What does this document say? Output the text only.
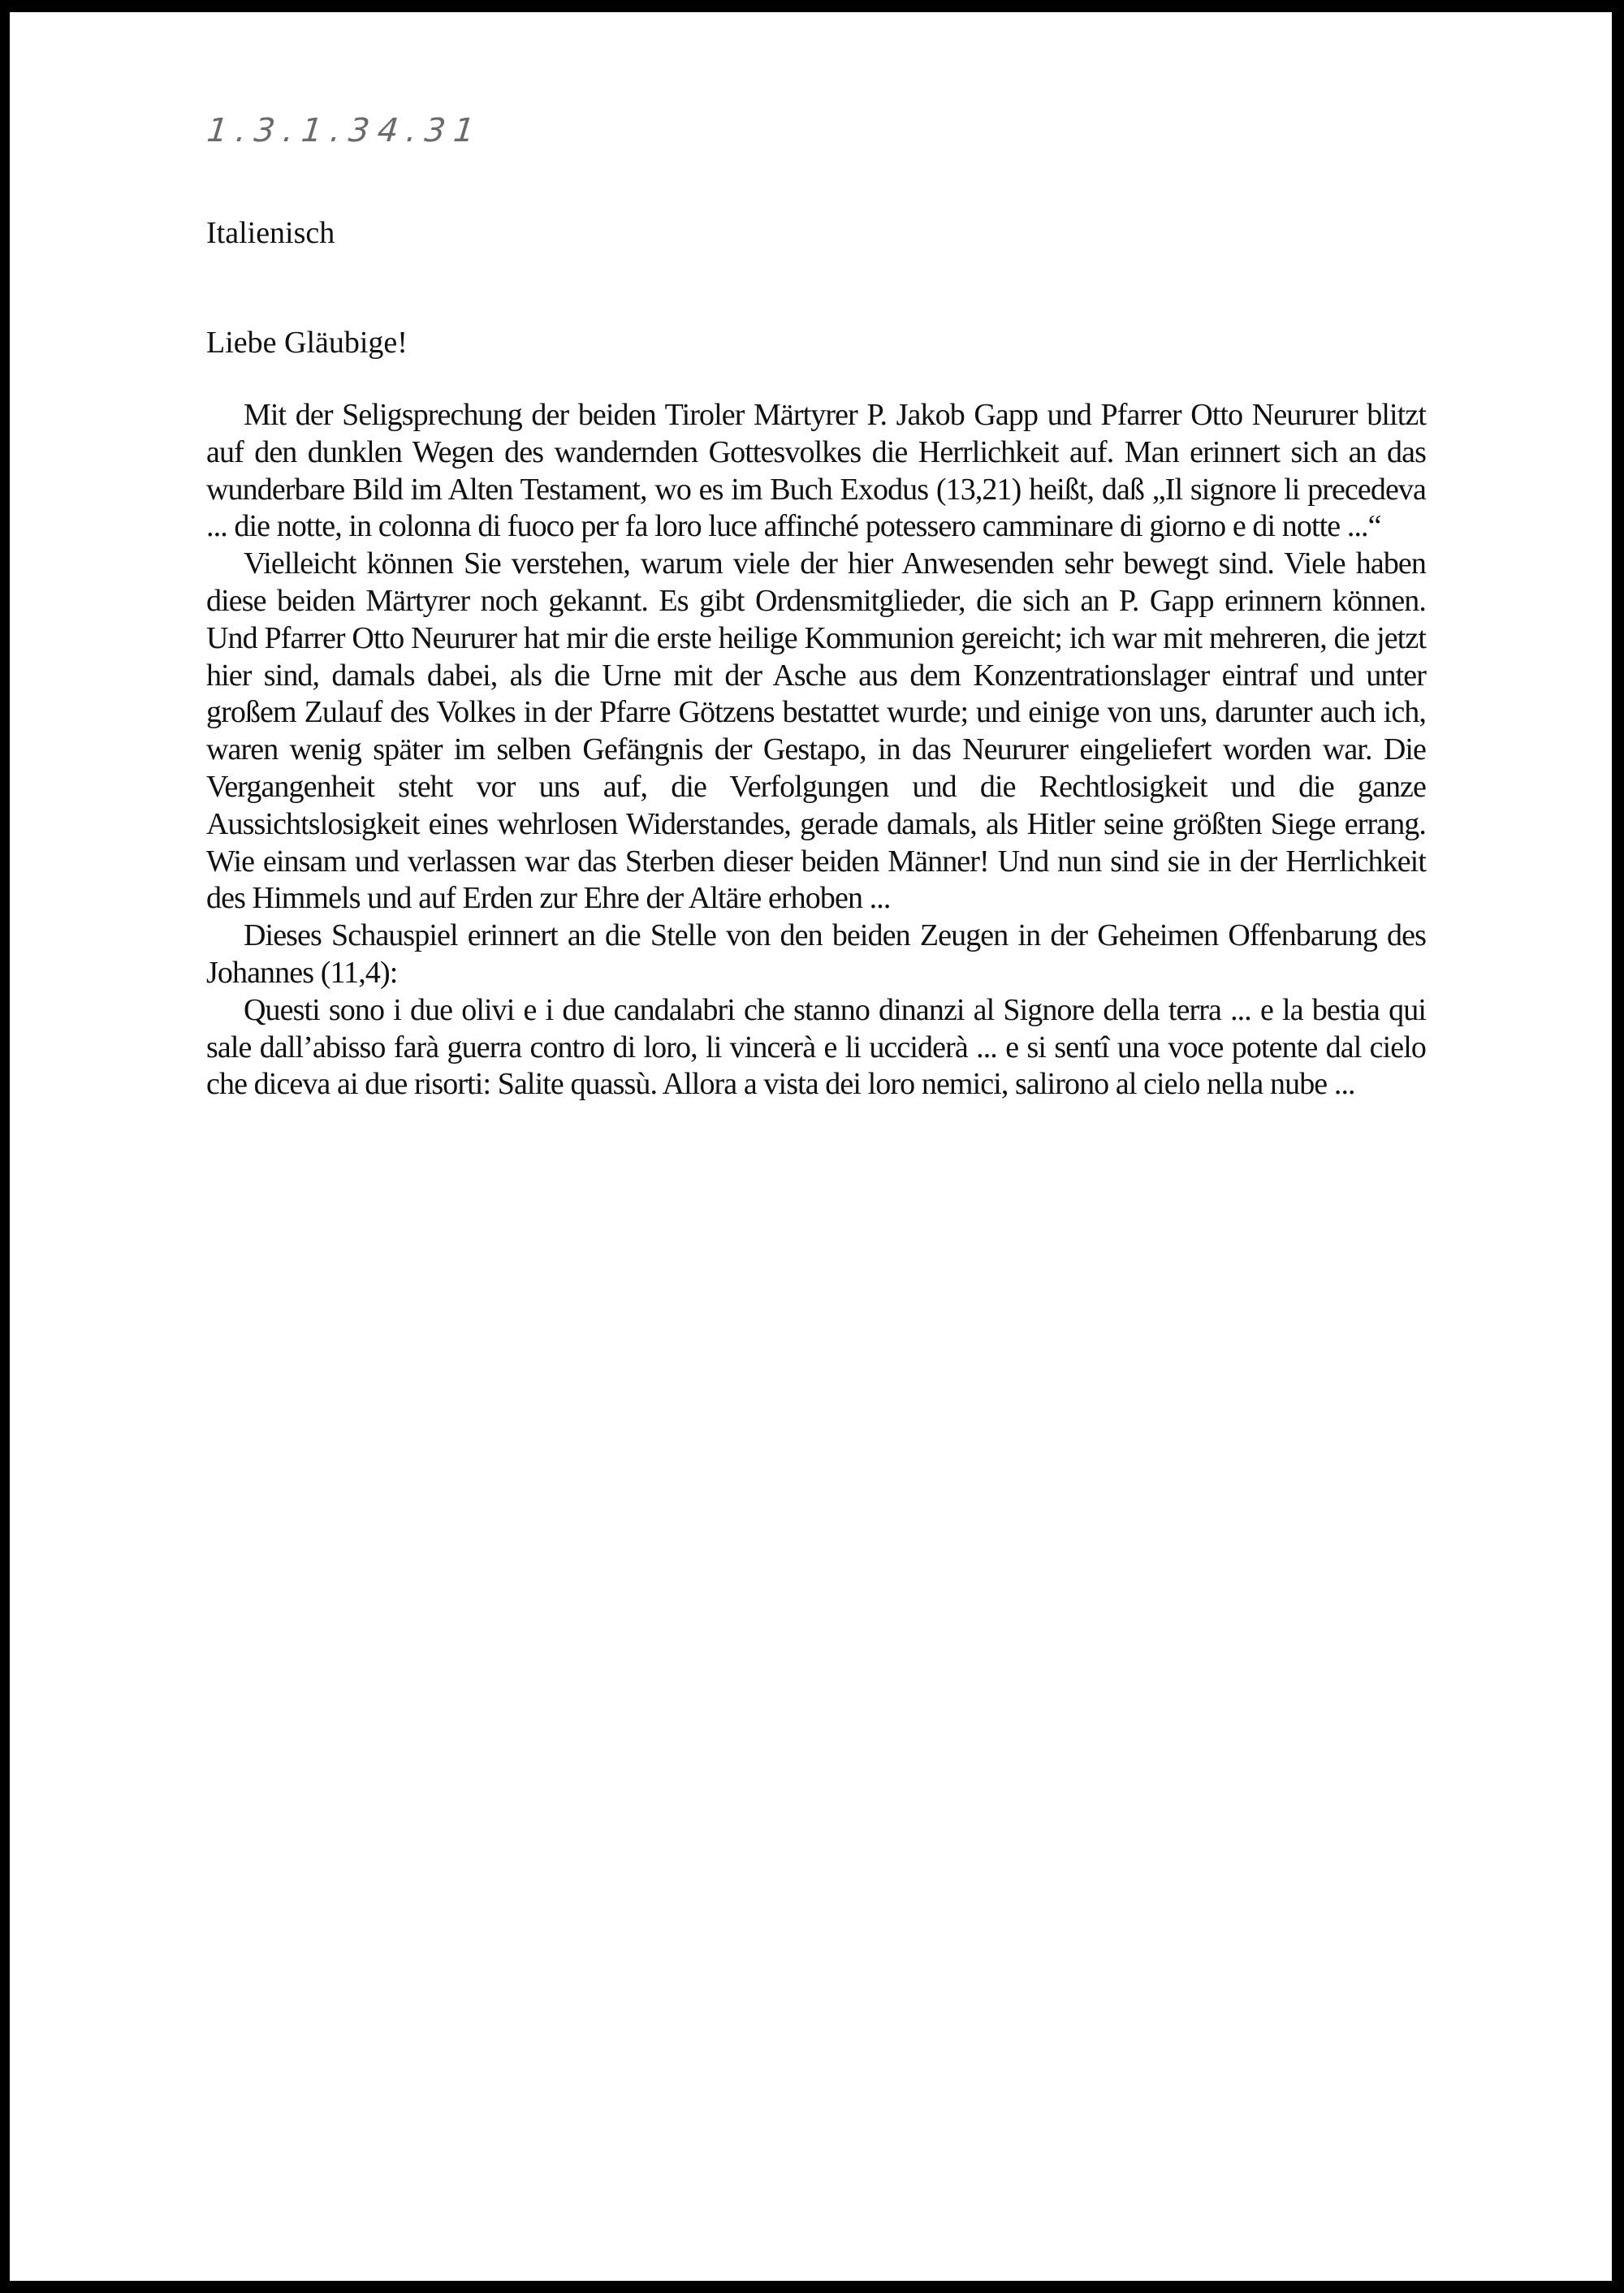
1.3.1.34.31
Italienisch
Liebe Gläubige!

Mit der Seligsprechung der beiden Tiroler Märtyrer P. Jakob Gapp und Pfarrer Otto Neururer blitzt auf den dunklen Wegen des wandernden Gottesvolkes die Herrlichkeit auf. Man erinnert sich an das wunderbare Bild im Alten Testament, wo es im Buch Exodus (13,21) heißt, daß „Il signore li precedeva ... die notte, in colonna di fuoco per fa loro luce affinché potessero camminare di giorno e di notte ...“

Vielleicht können Sie verstehen, warum viele der hier Anwesenden sehr bewegt sind. Viele haben diese beiden Märtyrer noch gekannt. Es gibt Ordensmitglieder, die sich an P. Gapp erinnern können. Und Pfarrer Otto Neururer hat mir die erste heilige Kommunion gereicht; ich war mit mehreren, die jetzt hier sind, damals dabei, als die Urne mit der Asche aus dem Konzentrationslager eintraf und unter großem Zulauf des Volkes in der Pfarre Götzens bestattet wurde; und einige von uns, darunter auch ich, waren wenig später im selben Gefängnis der Gestapo, in das Neururer eingeliefert worden war. Die Vergangenheit steht vor uns auf, die Verfolgungen und die Rechtlosigkeit und die ganze Aussichtslosigkeit eines wehrlosen Widerstandes, gerade damals, als Hitler seine größten Siege errang. Wie einsam und verlassen war das Sterben dieser beiden Männer! Und nun sind sie in der Herrlichkeit des Himmels und auf Erden zur Ehre der Altäre erhoben ...

Dieses Schauspiel erinnert an die Stelle von den beiden Zeugen in der Geheimen Offenbarung des Johannes (11,4):

Questi sono i due olivi e i due candalabri che stanno dinanzi al Signore della terra ... e la bestia qui sale dall’abisso farà guerra contro di loro, li vincerà e li ucciderà ... e si sentî una voce potente dal cielo che diceva ai due risorti: Salite quassù. Allora a vista dei loro nemici, salirono al cielo nella nube ...
